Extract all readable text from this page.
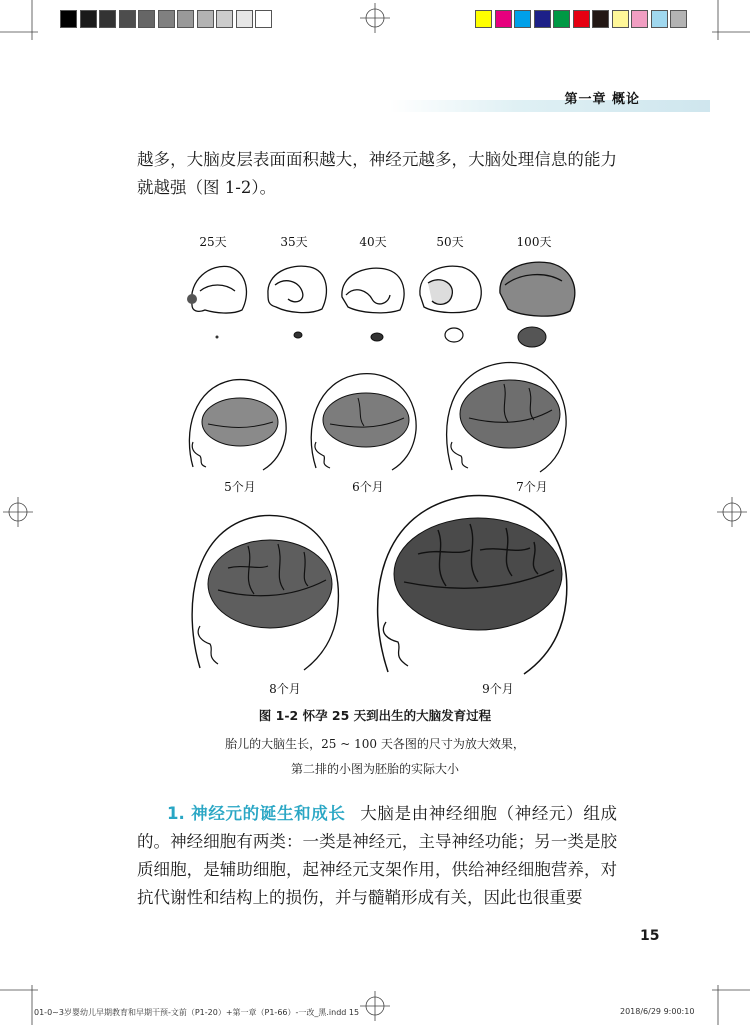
第一章 概论
越多，大脑皮层表面面积越大，神经元越多，大脑处理信息的能力就越强（图 1-2）。
25天	35天	40天	50天	100天
5个月	6个月	7个月
8个月	9个月
图 1-2 怀孕 25 天到出生的大脑发育过程
胎儿的大脑生长，25 ~ 100 天各图的尺寸为放大效果，
第二排的小图为胚胎的实际大小
1. 神经元的诞生和成长 大脑是由神经细胞（神经元）组成的。神经细胞有两类：一类是神经元，主导神经功能；另一类是胶质细胞，是辅助细胞，起神经元支架作用，供给神经细胞营养，对抗代谢性和结构上的损伤，并与髓鞘形成有关，因此也很重要
15
01-0~3岁婴幼儿早期教育和早期干预-文前（P1-20）+第一章（P1-66）-一改_黑.indd 15	2018/6/29 9:00:10
